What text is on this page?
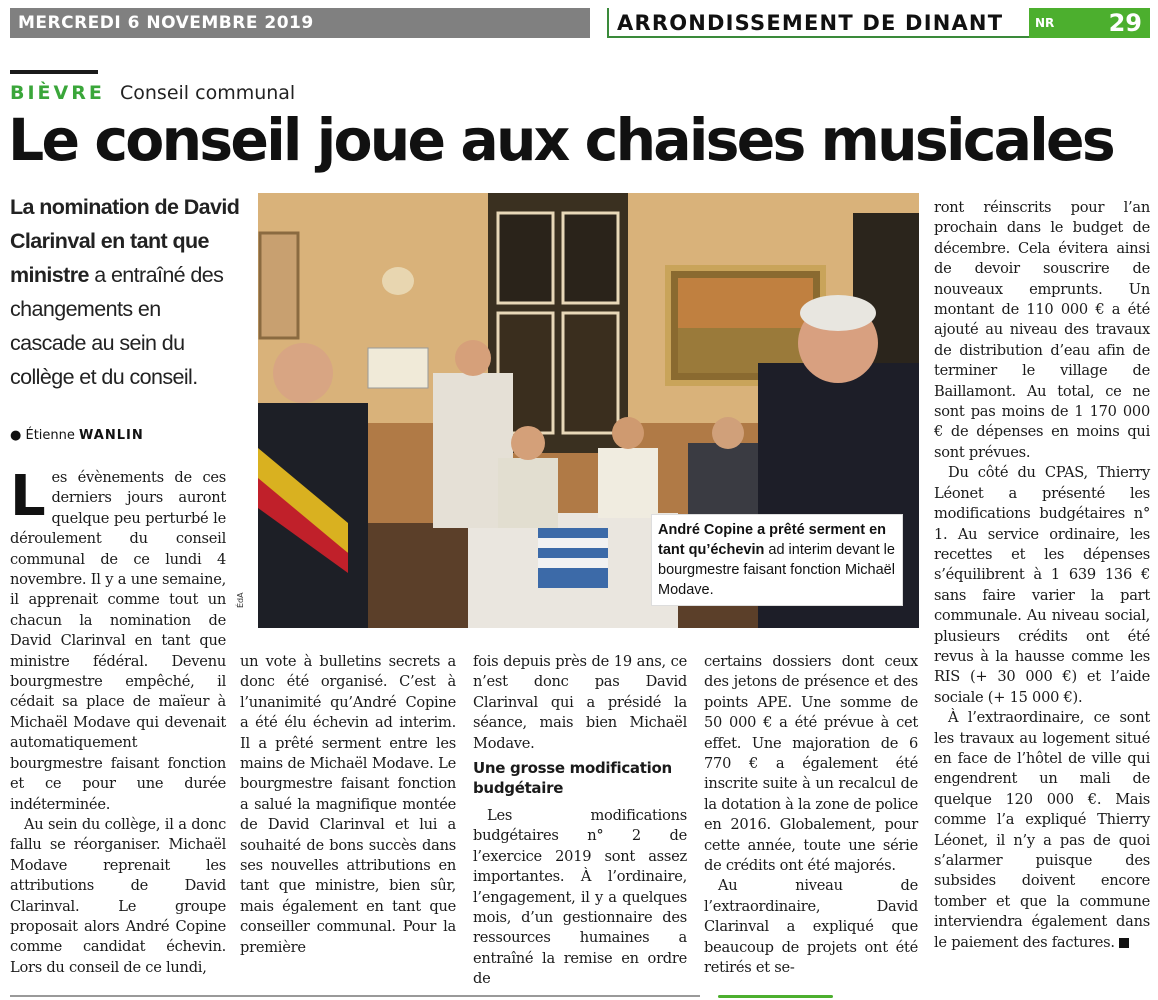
MERCREDI 6 NOVEMBRE 2019	ARRONDISSEMENT DE DINANT	NR	29
BIÈVRE Conseil communal
Le conseil joue aux chaises musicales
La nomination de David Clarinval en tant que ministre a entraîné des changements en cascade au sein du collège et du conseil.
● Étienne WANLIN
ÉdA
André Copine a prêté serment en tant qu’échevin ad interim devant le bourgmestre faisant fonction Michaël Modave.

Les évènements de ces derniers jours auront quelque peu perturbé le déroulement du conseil communal de ce lundi 4 novembre. Il y a une semaine, il apprenait comme tout un chacun la nomination de David Clarinval en tant que ministre fédéral. Devenu bourgmestre empêché, il cédait sa place de maïeur à Michaël Modave qui devenait automatiquement bourgmestre faisant fonction et ce pour une durée indéterminée.

Au sein du collège, il a donc fallu se réorganiser. Michaël Modave reprenait les attributions de David Clarinval. Le groupe proposait alors André Copine comme candidat échevin. Lors du conseil de ce lundi,

un vote à bulletins secrets a donc été organisé. C’est à l’unanimité qu’André Copine a été élu échevin ad interim. Il a prêté serment entre les mains de Michaël Modave. Le bourgmestre faisant fonction a salué la magnifique montée de David Clarinval et lui a souhaité de bons succès dans ses nouvelles attributions en tant que ministre, bien sûr, mais également en tant que conseiller communal. Pour la première

fois depuis près de 19 ans, ce n’est donc pas David Clarinval qui a présidé la séance, mais bien Michaël Modave.

Une grosse modification budgétaire

Les modifications budgétaires n° 2 de l’exercice 2019 sont assez importantes. À l’ordinaire, l’engagement, il y a quelques mois, d’un gestionnaire des ressources humaines a entraîné la remise en ordre de

certains dossiers dont ceux des jetons de présence et des points APE. Une somme de 50 000 € a été prévue à cet effet. Une majoration de 6 770 € a également été inscrite suite à un recalcul de la dotation à la zone de police en 2016. Globalement, pour cette année, toute une série de crédits ont été majorés.

Au niveau de l’extraordinaire, David Clarinval a expliqué que beaucoup de projets ont été retirés et se-

ront réinscrits pour l’an prochain dans le budget de décembre. Cela évitera ainsi de devoir souscrire de nouveaux emprunts. Un montant de 110 000 € a été ajouté au niveau des travaux de distribution d’eau afin de terminer le village de Baillamont. Au total, ce ne sont pas moins de 1 170 000 € de dépenses en moins qui sont prévues.

Du côté du CPAS, Thierry Léonet a présenté les modifications budgétaires n° 1. Au service ordinaire, les recettes et les dépenses s’équilibrent à 1 639 136 € sans faire varier la part communale. Au niveau social, plusieurs crédits ont été revus à la hausse comme les RIS (+ 30 000 €) et l’aide sociale (+ 15 000 €).

À l’extraordinaire, ce sont les travaux au logement situé en face de l’hôtel de ville qui engendrent un mali de quelque 120 000 €. Mais comme l’a expliqué Thierry Léonet, il n’y a pas de quoi s’alarmer puisque des subsides doivent encore tomber et que la commune interviendra également dans le paiement des factures.
